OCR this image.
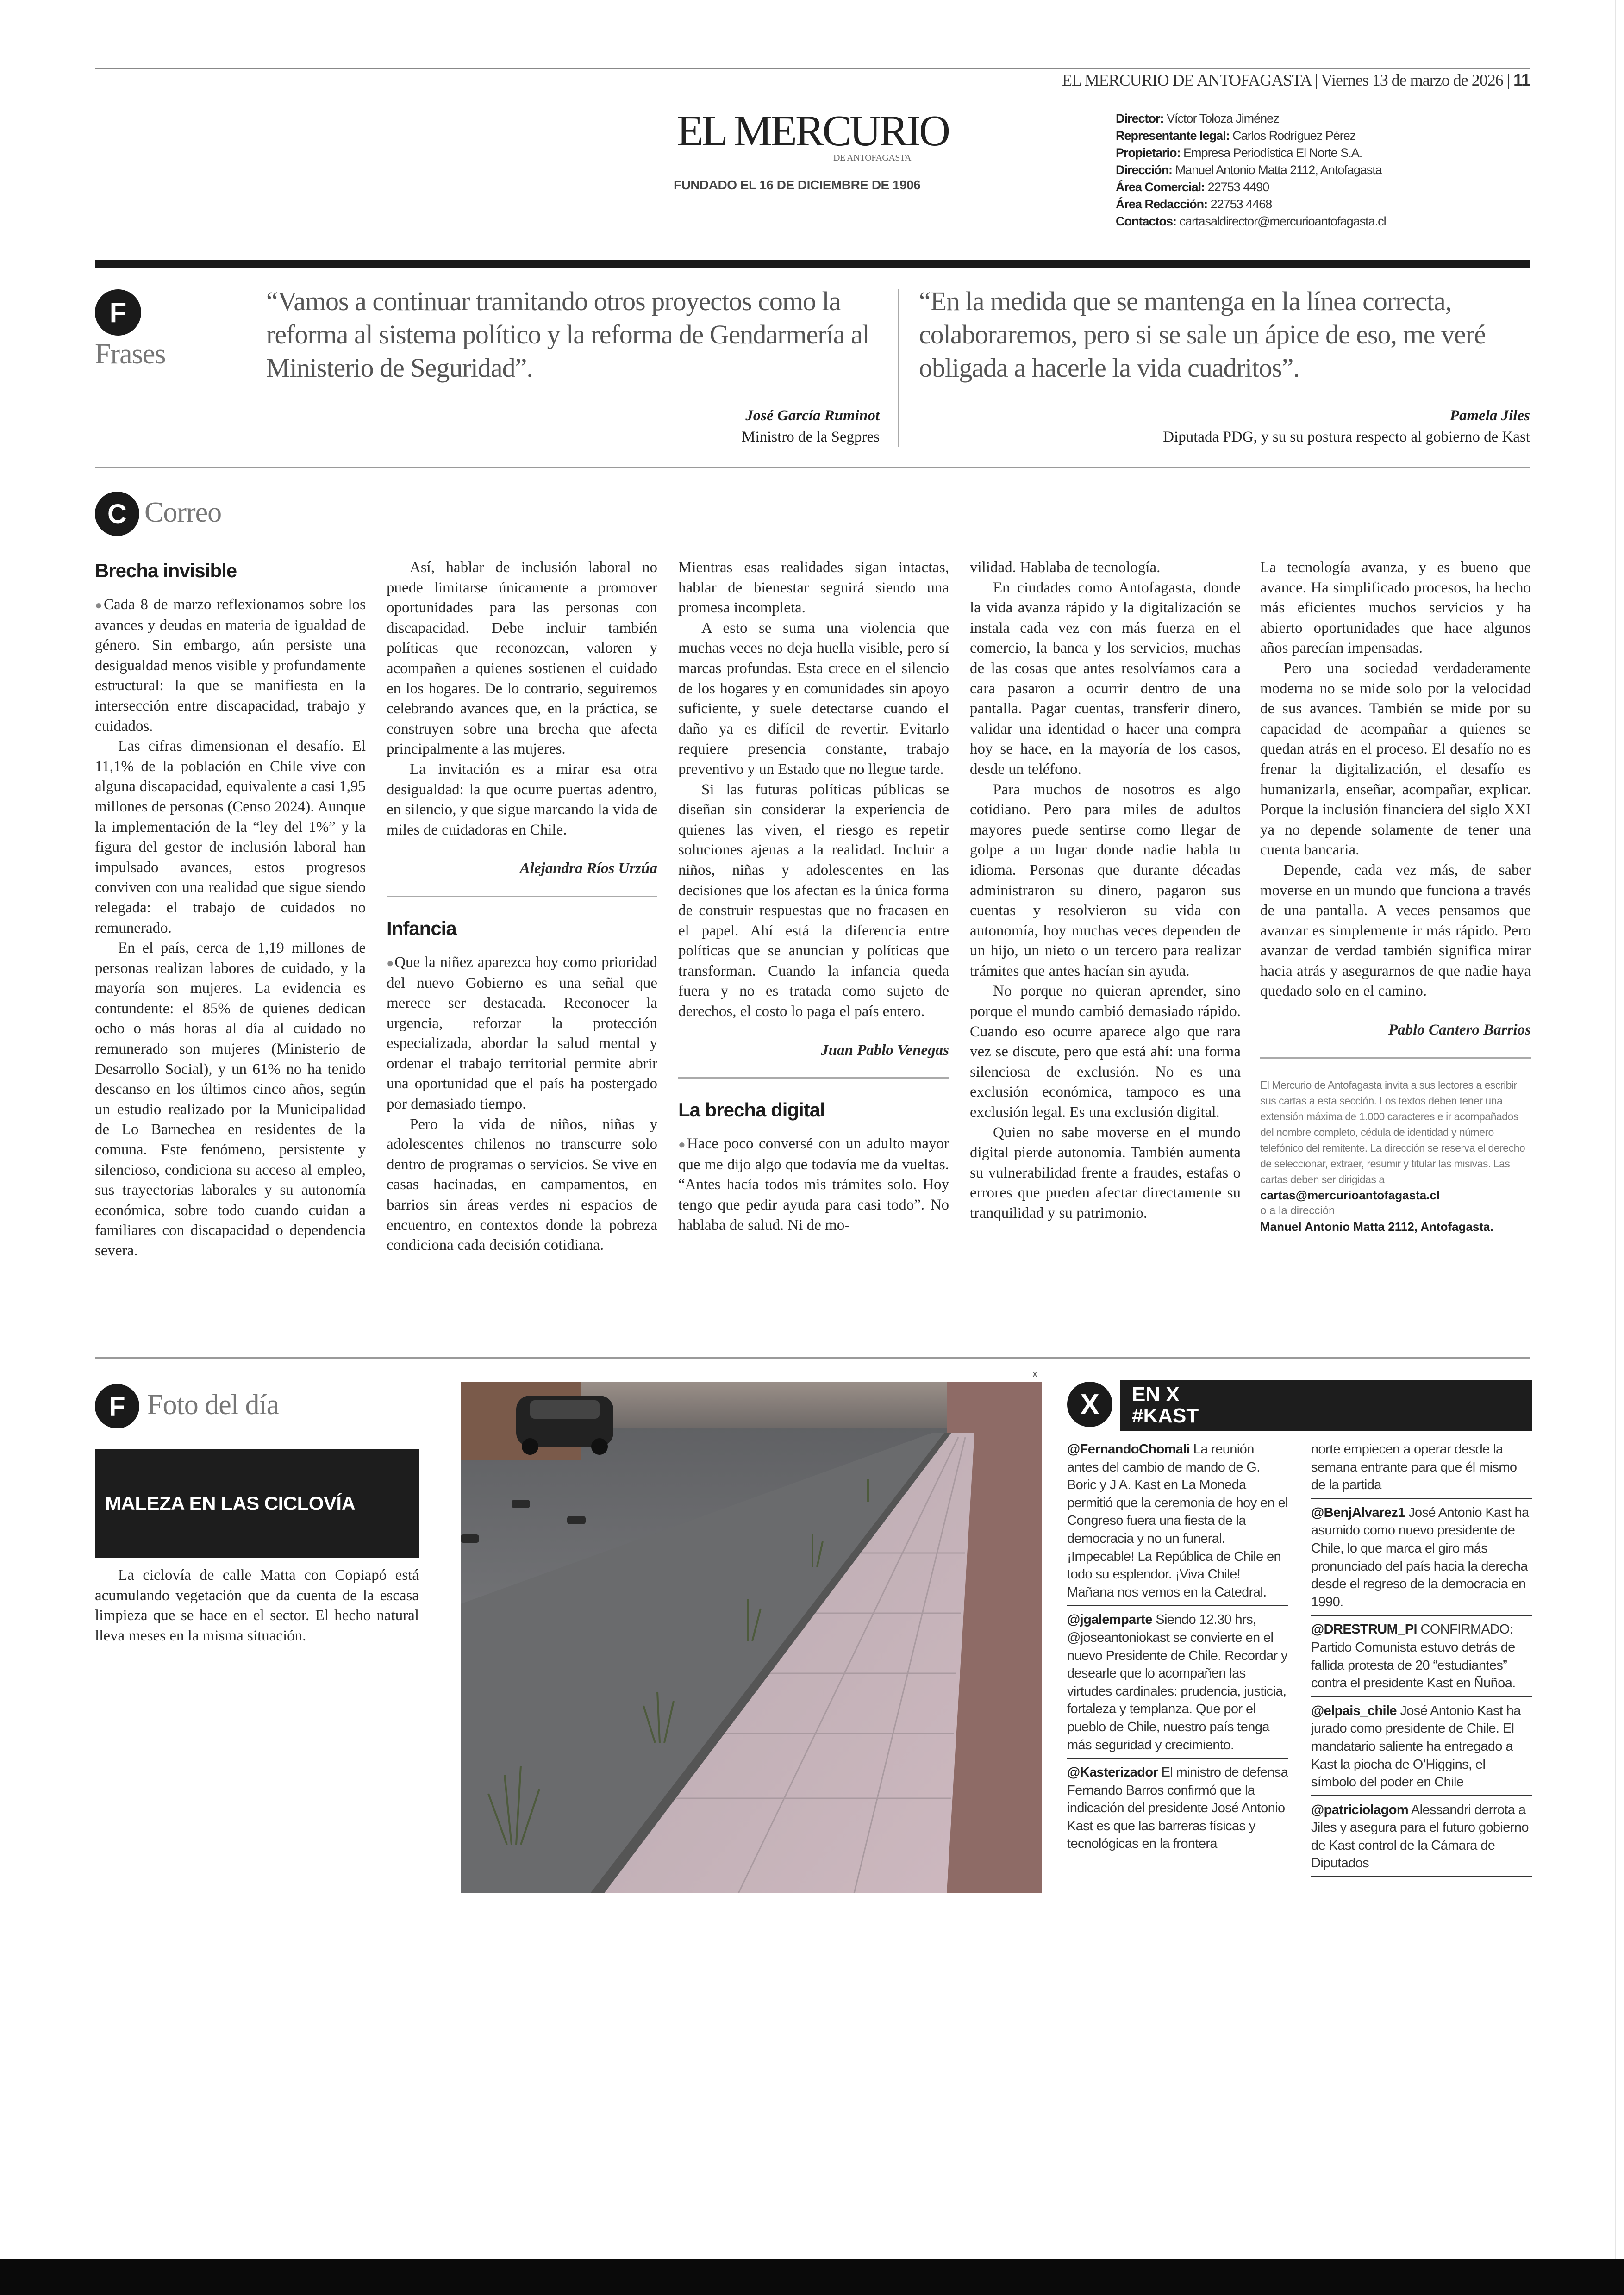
EL MERCURIO DE ANTOFAGASTA | Viernes 13 de marzo de 2026 | 11
EL MERCURIO
DE ANTOFAGASTA
FUNDADO EL 16 DE DICIEMBRE DE 1906
Director: Víctor Toloza Jiménez
Representante legal: Carlos Rodríguez Pérez
Propietario: Empresa Periodística El Norte S.A.
Dirección: Manuel Antonio Matta 2112, Antofagasta
Área Comercial: 22753 4490
Área Redacción: 22753 4468
Contactos: cartasaldirector@mercurioantofagasta.cl
F
Frases
“Vamos a continuar tramitando otros proyectos como la reforma al sistema político y la reforma de Gendarmería al Ministerio de Seguridad”.
José García Ruminot
Ministro de la Segpres
“En la medida que se mantenga en la línea correcta, colaboraremos, pero si se sale un ápice de eso, me veré obligada a hacerle la vida cuadritos”.
Pamela Jiles
Diputada PDG, y su su postura respecto al gobierno de Kast
C Correo
Brecha invisible

● Cada 8 de marzo reflexionamos sobre los avances y deudas en materia de igualdad de género. Sin embargo, aún persiste una desigualdad menos visible y profundamente estructural: la que se manifiesta en la intersección entre discapacidad, trabajo y cuidados.

Las cifras dimensionan el desafío. El 11,1% de la población en Chile vive con alguna discapacidad, equivalente a casi 1,95 millones de personas (Censo 2024). Aunque la implementación de la “ley del 1%” y la figura del gestor de inclusión laboral han impulsado avances, estos progresos conviven con una realidad que sigue siendo relegada: el trabajo de cuidados no remunerado.

En el país, cerca de 1,19 millones de personas realizan labores de cuidado, y la mayoría son mujeres. La evidencia es contundente: el 85% de quienes dedican ocho o más horas al día al cuidado no remunerado son mujeres (Ministerio de Desarrollo Social), y un 61% no ha tenido descanso en los últimos cinco años, según un estudio realizado por la Municipalidad de Lo Barnechea en residentes de la comuna. Este fenómeno, persistente y silencioso, condiciona su acceso al empleo, sus trayectorias laborales y su autonomía económica, sobre todo cuando cuidan a familiares con discapacidad o dependencia severa.

Así, hablar de inclusión laboral no puede limitarse únicamente a promover oportunidades para las personas con discapacidad. Debe incluir también políticas que reconozcan, valoren y acompañen a quienes sostienen el cuidado en los hogares. De lo contrario, seguiremos celebrando avances que, en la práctica, se construyen sobre una brecha que afecta principalmente a las mujeres.

La invitación es a mirar esa otra desigualdad: la que ocurre puertas adentro, en silencio, y que sigue marcando la vida de miles de cuidadoras en Chile.

Alejandra Ríos Urzúa
Infancia

● Que la niñez aparezca hoy como prioridad del nuevo Gobierno es una señal que merece ser destacada. Reconocer la urgencia, reforzar la protección especializada, abordar la salud mental y ordenar el trabajo territorial permite abrir una oportunidad que el país ha postergado por demasiado tiempo.

Pero la vida de niños, niñas y adolescentes chilenos no transcurre solo dentro de programas o servicios. Se vive en casas hacinadas, en campamentos, en barrios sin áreas verdes ni espacios de encuentro, en contextos donde la pobreza condiciona cada decisión cotidiana.

Mientras esas realidades sigan intactas, hablar de bienestar seguirá siendo una promesa incompleta.

A esto se suma una violencia que muchas veces no deja huella visible, pero sí marcas profundas. Esta crece en el silencio de los hogares y en comunidades sin apoyo suficiente, y suele detectarse cuando el daño ya es difícil de revertir. Evitarlo requiere presencia constante, trabajo preventivo y un Estado que no llegue tarde.

Si las futuras políticas públicas se diseñan sin considerar la experiencia de quienes las viven, el riesgo es repetir soluciones ajenas a la realidad. Incluir a niños, niñas y adolescentes en las decisiones que los afectan es la única forma de construir respuestas que no fracasen en el papel. Ahí está la diferencia entre políticas que se anuncian y políticas que transforman. Cuando la infancia queda fuera y no es tratada como sujeto de derechos, el costo lo paga el país entero.

Juan Pablo Venegas
La brecha digital

● Hace poco conversé con un adulto mayor que me dijo algo que todavía me da vueltas. “Antes hacía todos mis trámites solo. Hoy tengo que pedir ayuda para casi todo”. No hablaba de salud. Ni de mo-

vilidad. Hablaba de tecnología.

En ciudades como Antofagasta, donde la vida avanza rápido y la digitalización se instala cada vez con más fuerza en el comercio, la banca y los servicios, muchas de las cosas que antes resolvíamos cara a cara pasaron a ocurrir dentro de una pantalla. Pagar cuentas, transferir dinero, validar una identidad o hacer una compra hoy se hace, en la mayoría de los casos, desde un teléfono.

Para muchos de nosotros es algo cotidiano. Pero para miles de adultos mayores puede sentirse como llegar de golpe a un lugar donde nadie habla tu idioma. Personas que durante décadas administraron su dinero, pagaron sus cuentas y resolvieron su vida con autonomía, hoy muchas veces dependen de un hijo, un nieto o un tercero para realizar trámites que antes hacían sin ayuda.

No porque no quieran aprender, sino porque el mundo cambió demasiado rápido. Cuando eso ocurre aparece algo que rara vez se discute, pero que está ahí: una forma silenciosa de exclusión. No es una exclusión económica, tampoco es una exclusión legal. Es una exclusión digital.

Quien no sabe moverse en el mundo digital pierde autonomía. También aumenta su vulnerabilidad frente a fraudes, estafas o errores que pueden afectar directamente su tranquilidad y su patrimonio.

La tecnología avanza, y es bueno que avance. Ha simplificado procesos, ha hecho más eficientes muchos servicios y ha abierto oportunidades que hace algunos años parecían impensadas.

Pero una sociedad verdaderamente moderna no se mide solo por la velocidad de sus avances. También se mide por su capacidad de acompañar a quienes se quedan atrás en el proceso. El desafío no es frenar la digitalización, el desafío es humanizarla, enseñar, acompañar, explicar. Porque la inclusión financiera del siglo XXI ya no depende solamente de tener una cuenta bancaria.

Depende, cada vez más, de saber moverse en un mundo que funciona a través de una pantalla. A veces pensamos que avanzar es simplemente ir más rápido. Pero avanzar de verdad también significa mirar hacia atrás y asegurarnos de que nadie haya quedado solo en el camino.

Pablo Cantero Barrios
El Mercurio de Antofagasta invita a sus lectores a escribir sus cartas a esta sección. Los textos deben tener una extensión máxima de 1.000 caracteres e ir acompañados del nombre completo, cédula de identidad y número telefónico del remitente. La dirección se reserva el derecho de seleccionar, extraer, resumir y titular las misivas. Las cartas deben ser dirigidas a
cartas@mercurioantofagasta.cl
o a la dirección
Manuel Antonio Matta 2112, Antofagasta.
F Foto del día
MALEZA EN LAS CICLOVÍA
La ciclovía de calle Matta con Copiapó está acumulando vegetación que da cuenta de la escasa limpieza que se hace en el sector. El hecho natural lleva meses en la misma situación.
x
X	EN X
#KAST
@FernandoChomali La reunión antes del cambio de mando de G. Boric y J A. Kast en La Moneda permitió que la ceremonia de hoy en el Congreso fuera una fiesta de la democracia y no un funeral. ¡Impecable! La República de Chile en todo su esplendor. ¡Viva Chile! Mañana nos vemos en la Catedral.
@jgalemparte Siendo 12.30 hrs, @joseantoniokast se convierte en el nuevo Presidente de Chile. Recordar y desearle que lo acompañen las virtudes cardinales: prudencia, justicia, fortaleza y templanza. Que por el pueblo de Chile, nuestro país tenga más seguridad y crecimiento.
@Kasterizador El ministro de defensa Fernando Barros confirmó que la indicación del presidente José Antonio Kast es que las barreras físicas y tecnológicas en la frontera
norte empiecen a operar desde la semana entrante para que él mismo de la partida
@BenjAlvarez1 José Antonio Kast ha asumido como nuevo presidente de Chile, lo que marca el giro más pronunciado del país hacia la derecha desde el regreso de la democracia en 1990.
@DRESTRUM_Pl CONFIRMADO: Partido Comunista estuvo detrás de fallida protesta de 20 “estudiantes” contra el presidente Kast en Ñuñoa.
@elpais_chile José Antonio Kast ha jurado como presidente de Chile. El mandatario saliente ha entregado a Kast la piocha de O’Higgins, el símbolo del poder en Chile
@patriciolagom Alessandri derrota a Jiles y asegura para el futuro gobierno de Kast control de la Cámara de Diputados
